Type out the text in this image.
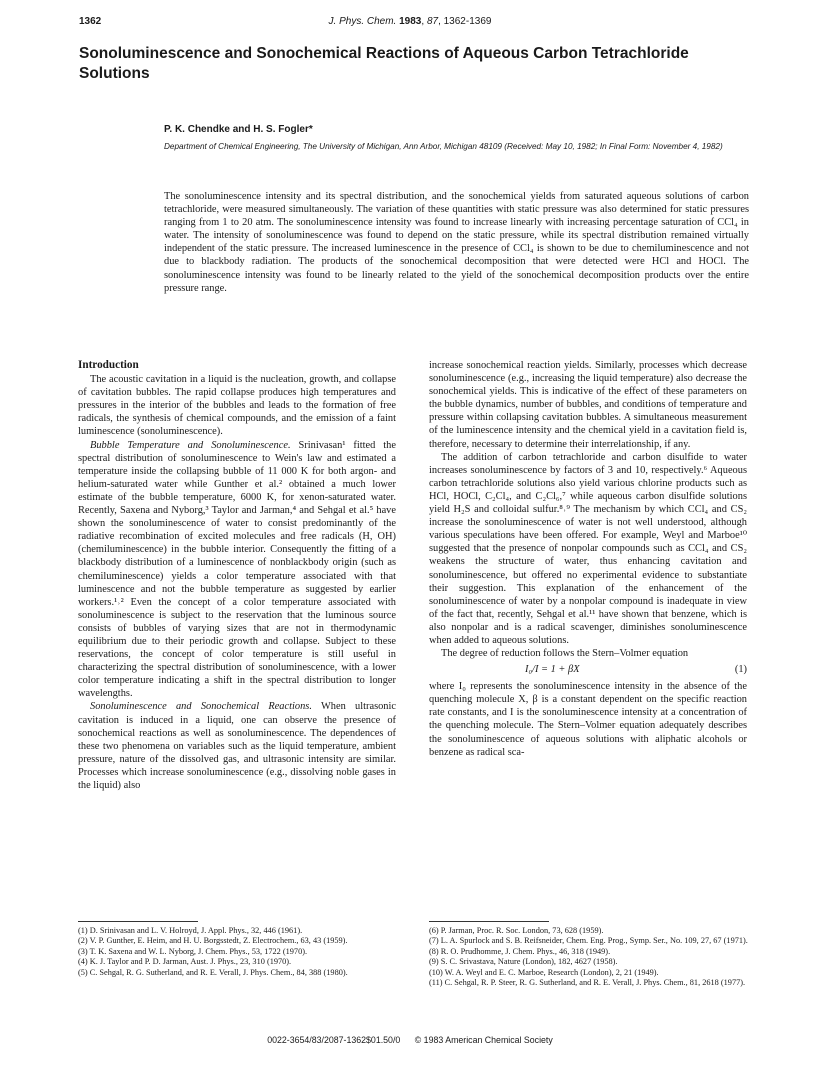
1362	J. Phys. Chem. 1983, 87, 1362-1369
Sonoluminescence and Sonochemical Reactions of Aqueous Carbon Tetrachloride Solutions

P. K. Chendke and H. S. Fogler*

Department of Chemical Engineering, The University of Michigan, Ann Arbor, Michigan 48109 (Received: May 10, 1982; In Final Form: November 4, 1982)

The sonoluminescence intensity and its spectral distribution, and the sonochemical yields from saturated aqueous solutions of carbon tetrachloride, were measured simultaneously. The variation of these quantities with static pressure was also determined for static pressures ranging from 1 to 20 atm. The sonoluminescence intensity was found to increase linearly with increasing percentage saturation of CCl₄ in water. The intensity of sonoluminescence was found to depend on the static pressure, while its spectral distribution remained virtually independent of the static pressure. The increased luminescence in the presence of CCl₄ is shown to be due to chemiluminescence and not due to blackbody radiation. The products of the sonochemical decomposition that were detected were HCl and HOCl. The sonoluminescence intensity was found to be linearly related to the yield of the sonochemical decomposition products over the entire pressure range.

Introduction

The acoustic cavitation in a liquid is the nucleation, growth, and collapse of cavitation bubbles. The rapid collapse produces high temperatures and pressures in the interior of the bubbles and leads to the formation of free radicals, the synthesis of chemical compounds, and the emission of a faint luminescence (sonoluminescence).

Bubble Temperature and Sonoluminescence. Srinivasan¹ fitted the spectral distribution of sonoluminescence to Wein's law and estimated a temperature inside the collapsing bubble of 11 000 K for both argon- and helium-saturated water while Gunther et al.² obtained a much lower estimate of the bubble temperature, 6000 K, for xenon-saturated water. Recently, Saxena and Nyborg,³ Taylor and Jarman,⁴ and Sehgal et al.⁵ have shown the sonoluminescence of water to consist predominantly of the radiative recombination of excited molecules and free radicals (H, OH) (chemiluminescence) in the bubble interior. Consequently the fitting of a blackbody distribution of a luminescence of nonblackbody origin (such as chemiluminescence) yields a color temperature associated with that luminescence and not the bubble temperature as suggested by earlier workers.¹˒² Even the concept of a color temperature associated with sonoluminescence is subject to the reservation that the luminous source consists of bubbles of varying sizes that are not in thermodynamic equilibrium due to their periodic growth and collapse. Subject to these reservations, the concept of color temperature is still useful in characterizing the spectral distribution of sonoluminescence, with a lower color temperature indicating a shift in the spectral distribution to longer wavelengths.

Sonoluminescence and Sonochemical Reactions. When ultrasonic cavitation is induced in a liquid, one can observe the presence of sonochemical reactions as well as sonoluminescence. The dependences of these two phenomena on variables such as the liquid temperature, ambient pressure, nature of the dissolved gas, and ultrasonic intensity are similar. Processes which increase sonoluminescence (e.g., dissolving noble gases in the liquid) also

increase sonochemical reaction yields. Similarly, processes which decrease sonoluminescence (e.g., increasing the liquid temperature) also decrease the sonochemical yields. This is indicative of the effect of these parameters on the bubble dynamics, number of bubbles, and conditions of temperature and pressure within collapsing cavitation bubbles. A simultaneous measurement of the luminescence intensity and the chemical yield in a cavitation field is, therefore, necessary to determine their interrelationship, if any.

The addition of carbon tetrachloride and carbon disulfide to water increases sonoluminescence by factors of 3 and 10, respectively.⁶ Aqueous carbon tetrachloride solutions also yield various chlorine products such as HCl, HOCl, C₂Cl₄, and C₂Cl₆,⁷ while aqueous carbon disulfide solutions yield H₂S and colloidal sulfur.⁸˒⁹ The mechanism by which CCl₄ and CS₂ increase the sonoluminescence of water is not well understood, although various speculations have been offered. For example, Weyl and Marboe¹⁰ suggested that the presence of nonpolar compounds such as CCl₄ and CS₂ weakens the structure of water, thus enhancing cavitation and sonoluminescence, but offered no experimental evidence to substantiate their suggestion. This explanation of the enhancement of the sonoluminescence of water by a nonpolar compound is inadequate in view of the fact that, recently, Sehgal et al.¹¹ have shown that benzene, which is also nonpolar and is a radical scavenger, diminishes sonoluminescence when added to aqueous solutions.

The degree of reduction follows the Stern–Volmer equation

I₀/I = 1 + βX	(1)

where I₀ represents the sonoluminescence intensity in the absence of the quenching molecule X, β is a constant dependent on the specific reaction rate constants, and I is the sonoluminescence intensity at a concentration of the quenching molecule. The Stern–Volmer equation adequately describes the sonoluminescence of aqueous solutions with aliphatic alcohols or benzene as radical sca-

(1) D. Srinivasan and L. V. Holroyd, J. Appl. Phys., 32, 446 (1961).

(2) V. P. Gunther, E. Heim, and H. U. Borgsstedt, Z. Electrochem., 63, 43 (1959).

(3) T. K. Saxena and W. L. Nyborg, J. Chem. Phys., 53, 1722 (1970).

(4) K. J. Taylor and P. D. Jarman, Aust. J. Phys., 23, 310 (1970).

(5) C. Sehgal, R. G. Sutherland, and R. E. Verall, J. Phys. Chem., 84, 388 (1980).

(6) P. Jarman, Proc. R. Soc. London, 73, 628 (1959).

(7) L. A. Spurlock and S. B. Reifsneider, Chem. Eng. Prog., Symp. Ser., No. 109, 27, 67 (1971).

(8) R. O. Prudhomme, J. Chem. Phys., 46, 318 (1949).

(9) S. C. Srivastava, Nature (London), 182, 4627 (1958).

(10) W. A. Weyl and E. C. Marboe, Research (London), 2, 21 (1949).

(11) C. Sehgal, R. P. Steer, R. G. Sutherland, and R. E. Verall, J. Phys. Chem., 81, 2618 (1977).

0022-3654/83/2087-1362$01.50/0 © 1983 American Chemical Society
